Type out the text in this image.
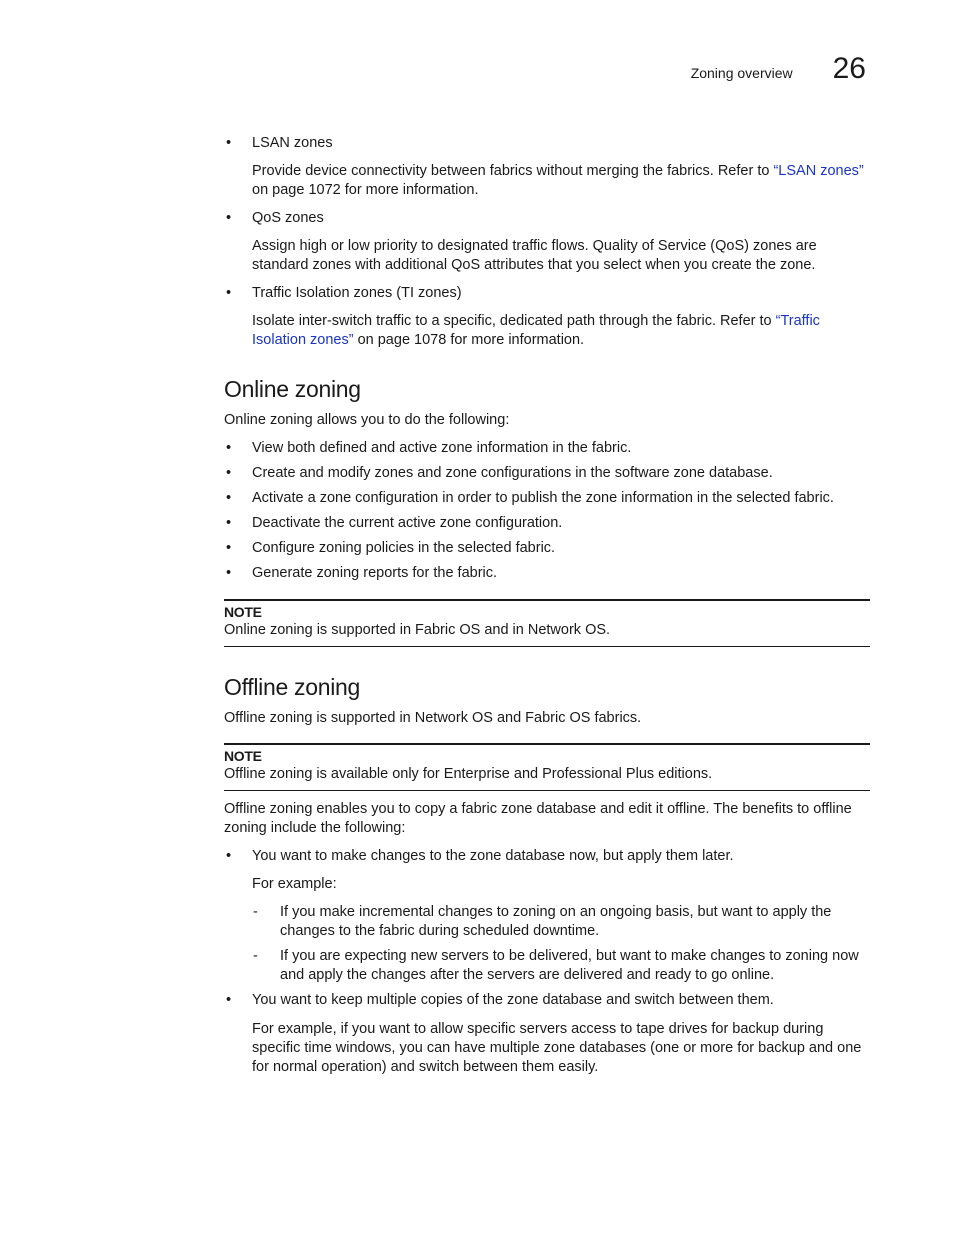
Zoning overview 26

• LSAN zones

Provide device connectivity between fabrics without merging the fabrics. Refer to “LSAN zones” on page 1072 for more information.

• QoS zones

Assign high or low priority to designated traffic flows. Quality of Service (QoS) zones are standard zones with additional QoS attributes that you select when you create the zone.

• Traffic Isolation zones (TI zones)

Isolate inter-switch traffic to a specific, dedicated path through the fabric. Refer to “Traffic Isolation zones” on page 1078 for more information.

Online zoning

Online zoning allows you to do the following:

• View both defined and active zone information in the fabric.

• Create and modify zones and zone configurations in the software zone database.

• Activate a zone configuration in order to publish the zone information in the selected fabric.

• Deactivate the current active zone configuration.

• Configure zoning policies in the selected fabric.

• Generate zoning reports for the fabric.

NOTE

Online zoning is supported in Fabric OS and in Network OS.

Offline zoning

Offline zoning is supported in Network OS and Fabric OS fabrics.

NOTE

Offline zoning is available only for Enterprise and Professional Plus editions.

Offline zoning enables you to copy a fabric zone database and edit it offline. The benefits to offline zoning include the following:

• You want to make changes to the zone database now, but apply them later.

For example:

- If you make incremental changes to zoning on an ongoing basis, but want to apply the changes to the fabric during scheduled downtime.

- If you are expecting new servers to be delivered, but want to make changes to zoning now and apply the changes after the servers are delivered and ready to go online.

• You want to keep multiple copies of the zone database and switch between them.

For example, if you want to allow specific servers access to tape drives for backup during specific time windows, you can have multiple zone databases (one or more for backup and one for normal operation) and switch between them easily.
